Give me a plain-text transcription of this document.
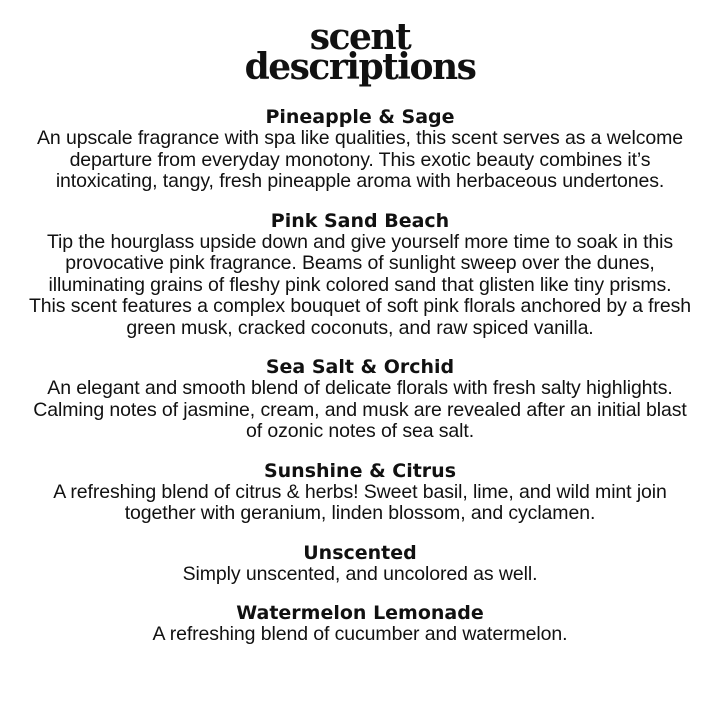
scent
descriptions

Pineapple & Sage

An upscale fragrance with spa like qualities, this scent serves as a welcome departure from everyday monotony. This exotic beauty combines it’s intoxicating, tangy, fresh pineapple aroma with herbaceous undertones.

Pink Sand Beach

Tip the hourglass upside down and give yourself more time to soak in this provocative pink fragrance. Beams of sunlight sweep over the dunes, illuminating grains of fleshy pink colored sand that glisten like tiny prisms. This scent features a complex bouquet of soft pink florals anchored by a fresh green musk, cracked coconuts, and raw spiced vanilla.

Sea Salt & Orchid

An elegant and smooth blend of delicate florals with fresh salty highlights. Calming notes of jasmine, cream, and musk are revealed after an initial blast of ozonic notes of sea salt.

Sunshine & Citrus

A refreshing blend of citrus & herbs! Sweet basil, lime, and wild mint join together with geranium, linden blossom, and cyclamen.

Unscented

Simply unscented, and uncolored as well.

Watermelon Lemonade

A refreshing blend of cucumber and watermelon.
